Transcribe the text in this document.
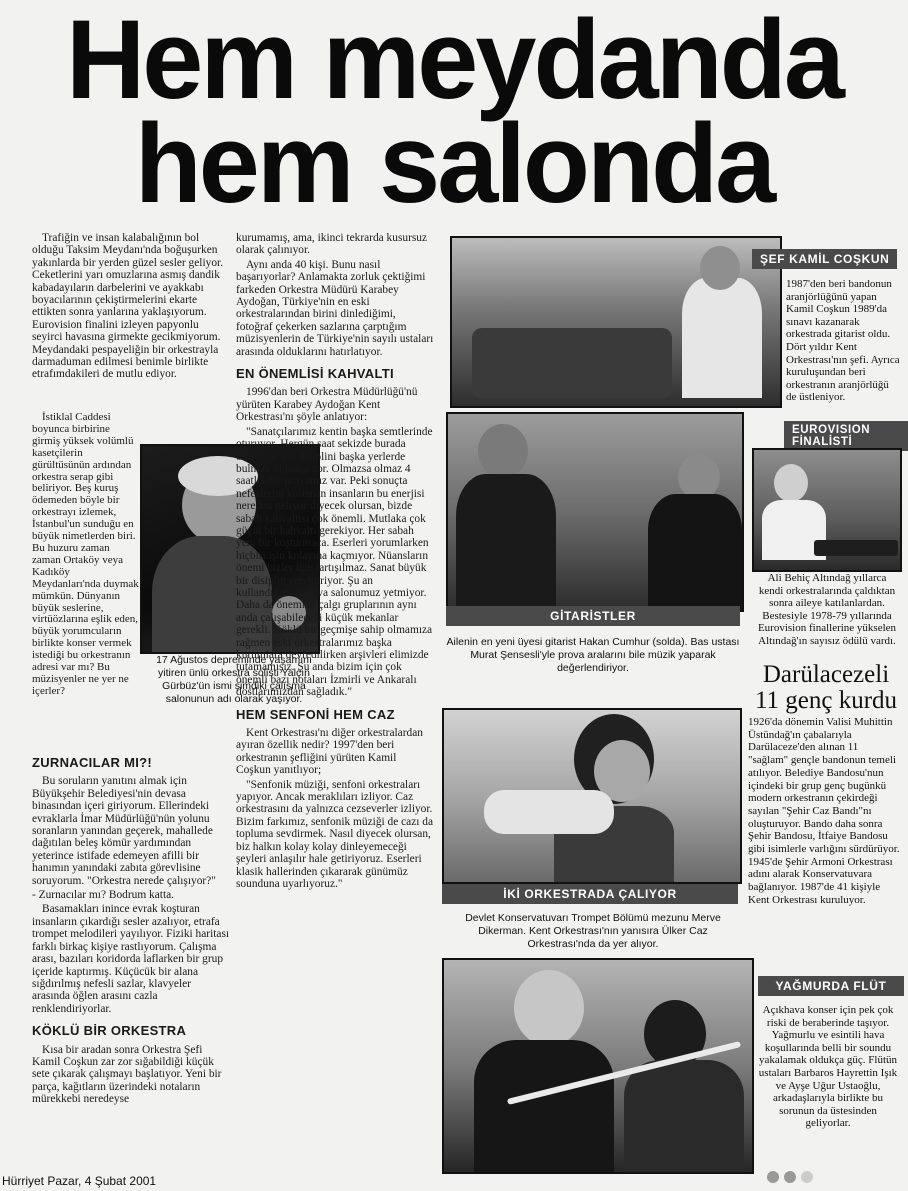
Hem meydanda
hem salonda

Trafiğin ve insan kalabalığının bol olduğu Taksim Meydanı'nda boğuşurken yakınlarda bir yerden güzel sesler geliyor. Ceketlerini yarı omuzlarına asmış dandik kabadayıların darbelerini ve ayakkabı boyacılarının çekiştirmelerini ekarte ettikten sonra yanlarına yaklaşıyorum. Eurovision finalini izleyen papyonlu seyirci havasına girmekte gecikmiyorum. Meydandaki pespayeliğin bir orkestrayla darmaduman edilmesi benimle birlikte etrafımdakileri de mutlu ediyor.

İstiklal Caddesi boyunca birbirine girmiş yüksek volümlü kasetçilerin gürültüsünün ardından orkestra serap gibi beliriyor. Beş kuruş ödemeden böyle bir orkestrayı izlemek, İstanbul'un sunduğu en büyük nimetlerden biri. Bu huzuru zaman zaman Ortaköy veya Kadıköy Meydanları'nda duymak mümkün. Dünyanın büyük seslerine, virtüözlarına eşlik eden, büyük yorumcuların birlikte konser vermek istediği bu orkestranın adresi var mı? Bu müzisyenler ne yer ne içerler?

17 Ağustos depreminde yaşamını yitiren ünlü orkestra solisti Yalçın Gürbüz'ün ismi şimdiki çalışma salonunun adı olarak yaşıyor.
ZURNACILAR MI?!

Bu soruların yanıtını almak için Büyükşehir Belediyesi'nin devasa binasından içeri giriyorum. Ellerindeki evraklarla İmar Müdürlüğü'nün yolunu soranların yanından geçerek, mahallede dağıtılan beleş kömür yardımından yeterince istifade edemeyen afilli bir hanımın yanındaki zabıta görevlisine soruyorum. "Orkestra nerede çalışıyor?"

- Zurnacılar mı? Bodrum katta.

Basamakları inince evrak koşturan insanların çıkardığı sesler azalıyor, etrafa trompet melodileri yayılıyor. Fiziki haritası farklı birkaç kişiye rastlıyorum. Çalışma arası, bazıları koridorda laflarken bir grup içeride kaptırmış. Küçücük bir alana sığdırılmış nefesli sazlar, klavyeler arasında öğlen arasını cazla renklendiriyorlar.

KÖKLÜ BİR ORKESTRA

Kısa bir aradan sonra Orkestra Şefi Kamil Coşkun zar zor sığabildiği küçük sete çıkarak çalışmayı başlatıyor. Yeni bir parça, kağıtların üzerindeki notaların mürekkebi neredeyse

kurumamış, ama, ikinci tekrarda kusursuz olarak çalınıyor.

Aynı anda 40 kişi. Bunu nasıl başarıyorlar? Anlamakta zorluk çektiğimi farkeden Orkestra Müdürü Karabey Aydoğan, Türkiye'nin en eski orkestralarından birini dinlediğimi, fotoğraf çekerken sazlarına çarptığım müzisyenlerin de Türkiye'nin sayılı ustaları arasında olduklarını hatırlatıyor.

EN ÖNEMLİSİ KAHVALTI

1996'dan beri Orkestra Müdürlüğü'nü yürüten Karabey Aydoğan Kent Orkestrası'nı şöyle anlatıyor:

"Sanatçılarımız kentin başka semtlerinde oturuyor. Hergün saat sekizde burada oluyorlar. Bu disiplini başka yerlerde bulmak oldukça zor. Olmazsa olmaz 4 saatlik bir provamız var. Peki sonuçta nefeslerini kullanan insanların bu enerjisi nereden geliyor diyecek olursan, bizde sabah kahvaltısı çok önemli. Mutlaka çok güçlü bir kahvaltı gerekiyor. Her sabah yeni bir koşturmaca. Eserleri yorumlarken hiçbiri işin kolayına kaçmıyor. Nüansların önemi bizler için tartışılmaz. Sanat büyük bir disiplin gerektiriyor. Şu an kullandığımız prova salonumuz yetmiyor. Daha da önemlisi çalgı gruplarının aynı anda çalışabileceği küçük mekanlar gerekli. Köklü bir geçmişe sahip olmamıza rağmen eski orkestralarımız başka kurumlara devredilirken arşivleri elimizde tutamamışız. Şu anda bizim için çok önemli bazı notaları İzmirli ve Ankaralı dostlarımızdan sağladık."

HEM SENFONİ HEM CAZ

Kent Orkestrası'nı diğer orkestralardan ayıran özellik nedir? 1997'den beri orkestranın şefliğini yürüten Kamil Coşkun yanıtlıyor;

"Senfonik müziği, senfoni orkestraları yapıyor. Ancak meraklıları izliyor. Caz orkestrasını da yalnızca cezseverler izliyor. Bizim farkımız, senfonik müziği de cazı da topluma sevdirmek. Nasıl diyecek olursan, biz halkın kolay kolay dinleyemeceği şeyleri anlaşılır hale getiriyoruz. Eserleri klasik hallerinden çıkararak günümüz sounduna uyarlıyoruz."

ŞEF KAMİL COŞKUN
1987'den beri bandonun aranjörlüğünü yapan Kamil Coşkun 1989'da sınavı kazanarak orkestrada gitarist oldu. Dört yıldır Kent Orkestrası'nın şefi. Ayrıca kuruluşundan beri orkestranın aranjörlüğü de üstleniyor.
EUROVISION FİNALİSTİ
Ali Behiç Altındağ yıllarca kendi orkestralarında çaldıktan sonra aileye katılanlardan. Bestesiyle 1978-79 yıllarında Eurovision finallerine yükselen Altındağ'ın sayısız ödülü vardı.
GİTARİSTLER
Ailenin en yeni üyesi gitarist Hakan Cumhur (solda). Bas ustası Murat Şensesli'yle prova aralarını bile müzik yaparak değerlendiriyor.	Darülacezeli
11 genç kurdu
1926'da dönemin Valisi Muhittin Üstündağ'ın çabalarıyla Darülaceze'den alınan 11 "sağlam" gençle bandonun temeli atılıyor. Belediye Bandosu'nun içindeki bir grup genç bugünkü modern orkestranın çekirdeği sayılan "Şehir Caz Bandı"nı oluşturuyor. Bando daha sonra Şehir Bandosu, İtfaiye Bandosu gibi isimlerle varlığını sürdürüyor. 1945'de Şehir Armoni Orkestrası adını alarak Konservatuvara bağlanıyor. 1987'de 41 kişiyle Kent Orkestrası kuruluyor.
İKİ ORKESTRADA ÇALIYOR
Devlet Konservatuvarı Trompet Bölümü mezunu Merve Dikerman. Kent Orkestrası'nın yanısıra Ülker Caz Orkestrası'nda da yer alıyor.
YAĞMURDA FLÜT
Açıkhava konser için pek çok riski de beraberinde taşıyor. Yağmurlu ve esintili hava koşullarında belli bir soundu yakalamak oldukça güç. Flütün ustaları Barbaros Hayrettin Işık ve Ayşe Uğur Ustaoğlu, arkadaşlarıyla birlikte bu sorunun da üstesinden geliyorlar.
Hürriyet Pazar, 4 Şubat 2001
